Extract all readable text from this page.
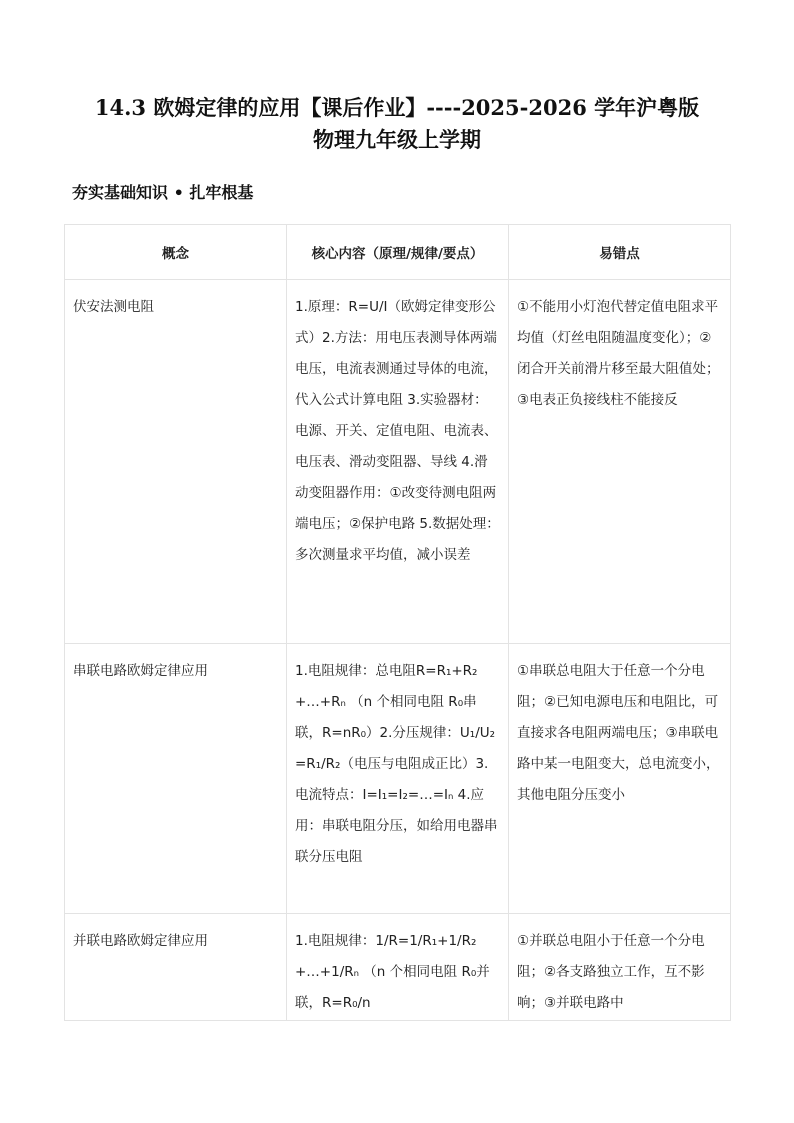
14.3 欧姆定律的应用【课后作业】----2025-2026 学年沪粤版
物理九年级上学期
夯实基础知识 • 扎牢根基
概念	核心内容（原理/规律/要点）	易错点
伏安法测电阻	1.原理：R=U/I（欧姆定律变形公式）2.方法：用电压表测导体两端电压，电流表测通过导体的电流，代入公式计算电阻 3.实验器材：电源、开关、定值电阻、电流表、电压表、滑动变阻器、导线 4.滑动变阻器作用：①改变待测电阻两端电压；②保护电路 5.数据处理：多次测量求平均值，减小误差	①不能用小灯泡代替定值电阻求平均值（灯丝电阻随温度变化）；②闭合开关前滑片移至最大阻值处；③电表正负接线柱不能接反
串联电路欧姆定律应用	1.电阻规律：总电阻R=R₁+R₂+…+Rₙ （n 个相同电阻 R₀串联，R=nR₀）2.分压规律：U₁/U₂=R₁/R₂（电压与电阻成正比）3.电流特点：I=I₁=I₂=…=Iₙ 4.应用：串联电阻分压，如给用电器串联分压电阻	①串联总电阻大于任意一个分电阻；②已知电源电压和电阻比，可直接求各电阻两端电压；③串联电路中某一电阻变大，总电流变小，其他电阻分压变小

并联电路欧姆定律应用	1.电阻规律：1/R=1/R₁+1/R₂+…+1/Rₙ （n 个相同电阻 R₀并联，R=R₀/n	①并联总电阻小于任意一个分电阻；②各支路独立工作，互不影响；③并联电路中
